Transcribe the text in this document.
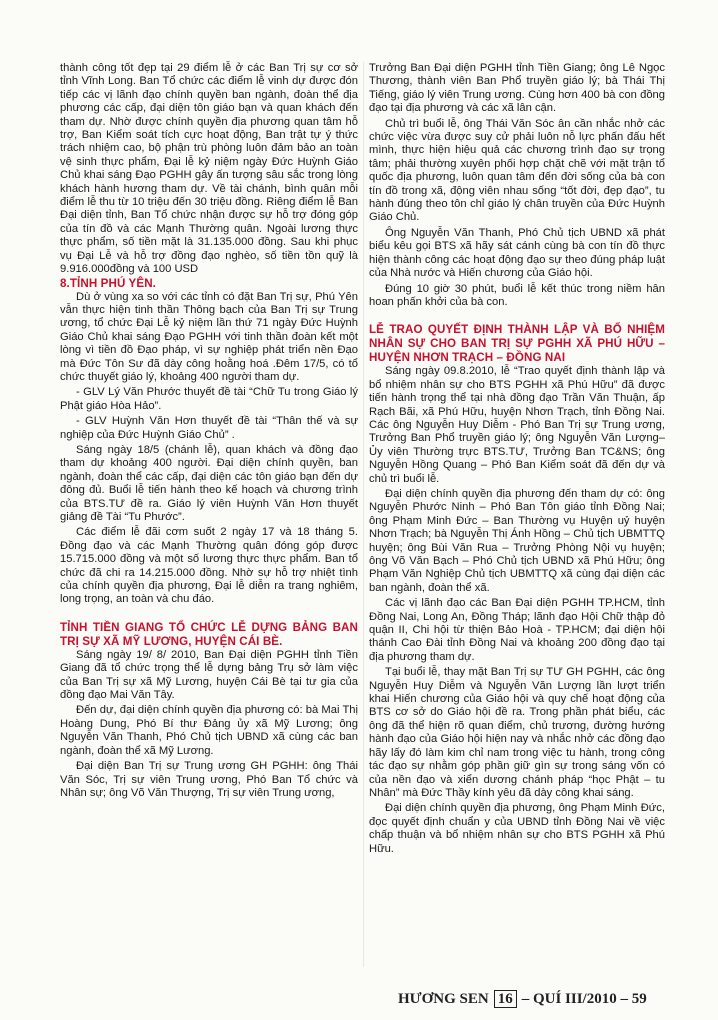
thành công tốt đẹp tại 29 điểm lễ ở các Ban Trị sự cơ sở tỉnh Vĩnh Long. Ban Tổ chức các điểm lễ vinh dự được đón tiếp các vị lãnh đạo chính quyền ban ngành, đoàn thể địa phương các cấp, đại diện tôn giáo bạn và quan khách đến tham dự. Nhờ được chính quyền địa phương quan tâm hỗ trợ, Ban Kiểm soát tích cực hoạt động, Ban trật tự ý thức trách nhiệm cao, bộ phận trù phòng luôn đảm bảo an toàn vệ sinh thực phẩm, Đại lễ kỷ niệm ngày Đức Huỳnh Giáo Chủ khai sáng Đạo PGHH gây ấn tượng sâu sắc trong lòng khách hành hương tham dự. Về tài chánh, bình quân mỗi điểm lễ thu từ 10 triệu đến 30 triệu đồng. Riêng điểm lễ Ban Đại diện tỉnh, Ban Tổ chức nhận được sự hỗ trợ đóng góp của tín đồ và các Mạnh Thường quân. Ngoài lương thực thực phẩm, số tiền mặt là 31.135.000 đồng. Sau khi phục vụ Đại Lễ và hỗ trợ đồng đạo nghèo, số tiền tồn quỹ là 9.916.000đồng và 100 USD

8.TỈNH PHÚ YÊN.

Dù ở vùng xa so với các tỉnh có đặt Ban Trị sự, Phú Yên vẫn thực hiện tinh thần Thông bạch của Ban Trị sự Trung ương, tổ chức Đại Lễ kỷ niệm lần thứ 71 ngày Đức Huỳnh Giáo Chủ khai sáng Đạo PGHH với tinh thần đoàn kết một lòng vì tiền đồ Đạo pháp, vì sự nghiệp phát triển nền Đạo mà Đức Tôn Sư đã dày công hoằng hoá .Đêm 17/5, có tổ chức thuyết giáo lý, khoảng 400 người tham dự.

- GLV Lý Văn Phước thuyết đề tài “Chữ Tu trong Giáo lý Phật giáo Hòa Hảo”.

- GLV Huỳnh Văn Hơn thuyết đề tài “Thân thế và sự nghiệp của Đức Huỳnh Giáo Chủ” .

Sáng ngày 18/5 (chánh lễ), quan khách và đồng đạo tham dự khoảng 400 người. Đại diện chính quyền, ban ngành, đoàn thể các cấp, đại diện các tôn giáo bạn đến dự đông đủ. Buổi lễ tiến hành theo kế hoạch và chương trình của BTS.TƯ đề ra. Giáo lý viên Huỳnh Văn Hơn thuyết giảng đề Tài “Tu Phước”.

Các điểm lễ đãi cơm suốt 2 ngày 17 và 18 tháng 5. Đồng đạo và các Mạnh Thường quân đóng góp được 15.715.000 đồng và một số lương thực thực phẩm. Ban tổ chức đã chi ra 14.215.000 đồng. Nhờ sự hỗ trợ nhiệt tình của chính quyền địa phương, Đại lễ diễn ra trang nghiêm, long trọng, an toàn và chu đáo.

TỈNH TIỀN GIANG TỔ CHỨC LỄ DỰNG BẢNG BAN TRỊ SỰ XÃ MỸ LƯƠNG, HUYỆN CÁI BÈ.

Sáng ngày 19/ 8/ 2010, Ban Đại diện PGHH tỉnh Tiền Giang đã tổ chức trọng thể lễ dựng bảng Trụ sở làm việc của Ban Trị sự xã Mỹ Lương, huyện Cái Bè tại tư gia của đồng đạo Mai Văn Tây.

Đến dự, đại diện chính quyền địa phương có: bà Mai Thị Hoàng Dung, Phó Bí thư Đảng ủy xã Mỹ Lương; ông Nguyễn Văn Thanh, Phó Chủ tịch UBND xã cùng các ban ngành, đoàn thể xã Mỹ Lương.

Đại diện Ban Trị sự Trung ương GH PGHH: ông Thái Văn Sóc, Trị sự viên Trung ương, Phó Ban Tổ chức và Nhân sự; ông Võ Văn Thượng, Trị sự viên Trung ương,

Trưởng Ban Đại diện PGHH tỉnh Tiền Giang; ông Lê Ngọc Thương, thành viên Ban Phổ truyền giáo lý; bà Thái Thị Tiếng, giáo lý viên Trung ương. Cùng hơn 400 bà con đồng đạo tại địa phương và các xã lân cận.

Chủ trì buổi lễ, ông Thái Văn Sóc ân cần nhắc nhở các chức việc vừa được suy cử phải luôn nỗ lực phấn đấu hết mình, thực hiện hiệu quả các chương trình đạo sự trọng tâm; phải thường xuyên phối hợp chặt chẽ với mặt trận tổ quốc địa phương, luôn quan tâm đến đời sống của bà con tín đồ trong xã, động viên nhau sống “tốt đời, đẹp đạo”, tu hành đúng theo tôn chỉ giáo lý chân truyền của Đức Huỳnh Giáo Chủ.

Ông Nguyễn Văn Thanh, Phó Chủ tịch UBND xã phát biểu kêu gọi BTS xã hãy sát cánh cùng bà con tín đồ thực hiện thành công các hoạt động đạo sự theo đúng pháp luật của Nhà nước và Hiến chương của Giáo hội.

Đúng 10 giờ 30 phút, buổi lễ kết thúc trong niềm hân hoan phấn khởi của bà con.

LỄ TRAO QUYẾT ĐỊNH THÀNH LẬP VÀ BỔ NHIỆM NHÂN SỰ CHO BAN TRỊ SỰ PGHH XÃ PHÚ HỮU – HUYỆN NHƠN TRẠCH – ĐỒNG NAI

Sáng ngày 09.8.2010, lễ “Trao quyết định thành lập và bổ nhiệm nhân sự cho BTS PGHH xã Phú Hữu” đã được tiến hành trọng thể tại nhà đồng đạo Trần Văn Thuận, ấp Rạch Bãi, xã Phú Hữu, huyện Nhơn Trạch, tỉnh Đồng Nai. Các ông Nguyễn Huy Diễm - Phó Ban Trị sự Trung ương, Trưởng Ban Phổ truyền giáo lý; ông Nguyễn Văn Lượng– Ủy viên Thường trực BTS.TƯ, Trưởng Ban TC&NS; ông Nguyễn Hồng Quang – Phó Ban Kiểm soát đã đến dự và chủ trì buổi lễ.

Đại diện chính quyền địa phương đến tham dự có: ông Nguyễn Phước Ninh – Phó Ban Tôn giáo tỉnh Đồng Nai; ông Phạm Minh Đức – Ban Thường vụ Huyện uỷ huyện Nhơn Trạch; bà Nguyễn Thị Ánh Hồng – Chủ tịch UBMTTQ huyện; ông Bùi Văn Rua – Trưởng Phòng Nội vụ huyện; ông Võ Văn Bạch – Phó Chủ tịch UBND xã Phú Hữu; ông Phạm Văn Nghiệp Chủ tịch UBMTTQ xã cùng đại diện các ban ngành, đoàn thể xã.

Các vị lãnh đạo các Ban Đại diện PGHH TP.HCM, tỉnh Đồng Nai, Long An, Đồng Tháp; lãnh đạo Hội Chữ thập đỏ quận II, Chi hội từ thiện Bảo Hoà - TP.HCM; đại diện hội thánh Cao Đài tỉnh Đồng Nai và khoảng 200 đồng đạo tại địa phương tham dự.

Tại buổi lễ, thay mặt Ban Trị sự TƯ GH PGHH, các ông Nguyễn Huy Diễm và Nguyễn Văn Lượng lần lượt triển khai Hiến chương của Giáo hội và quy chế hoạt động của BTS cơ sở do Giáo hội đề ra. Trong phần phát biểu, các ông đã thể hiện rõ quan điểm, chủ trương, đường hướng hành đạo của Giáo hội hiện nay và nhắc nhở các đồng đạo hãy lấy đó làm kim chỉ nam trong việc tu hành, trong công tác đạo sự nhằm góp phần giữ gìn sự trong sáng vốn có của nền đạo và xiển dương chánh pháp “học Phật – tu Nhân” mà Đức Thầy kính yêu đã dày công khai sáng.

Đại diện chính quyền địa phương, ông Phạm Minh Đức, đọc quyết định chuẩn y của UBND tỉnh Đồng Nai về việc chấp thuận và bổ nhiệm nhân sự cho BTS PGHH xã Phú Hữu.

HƯƠNG SEN 16 – QUÍ III/2010 – 59
